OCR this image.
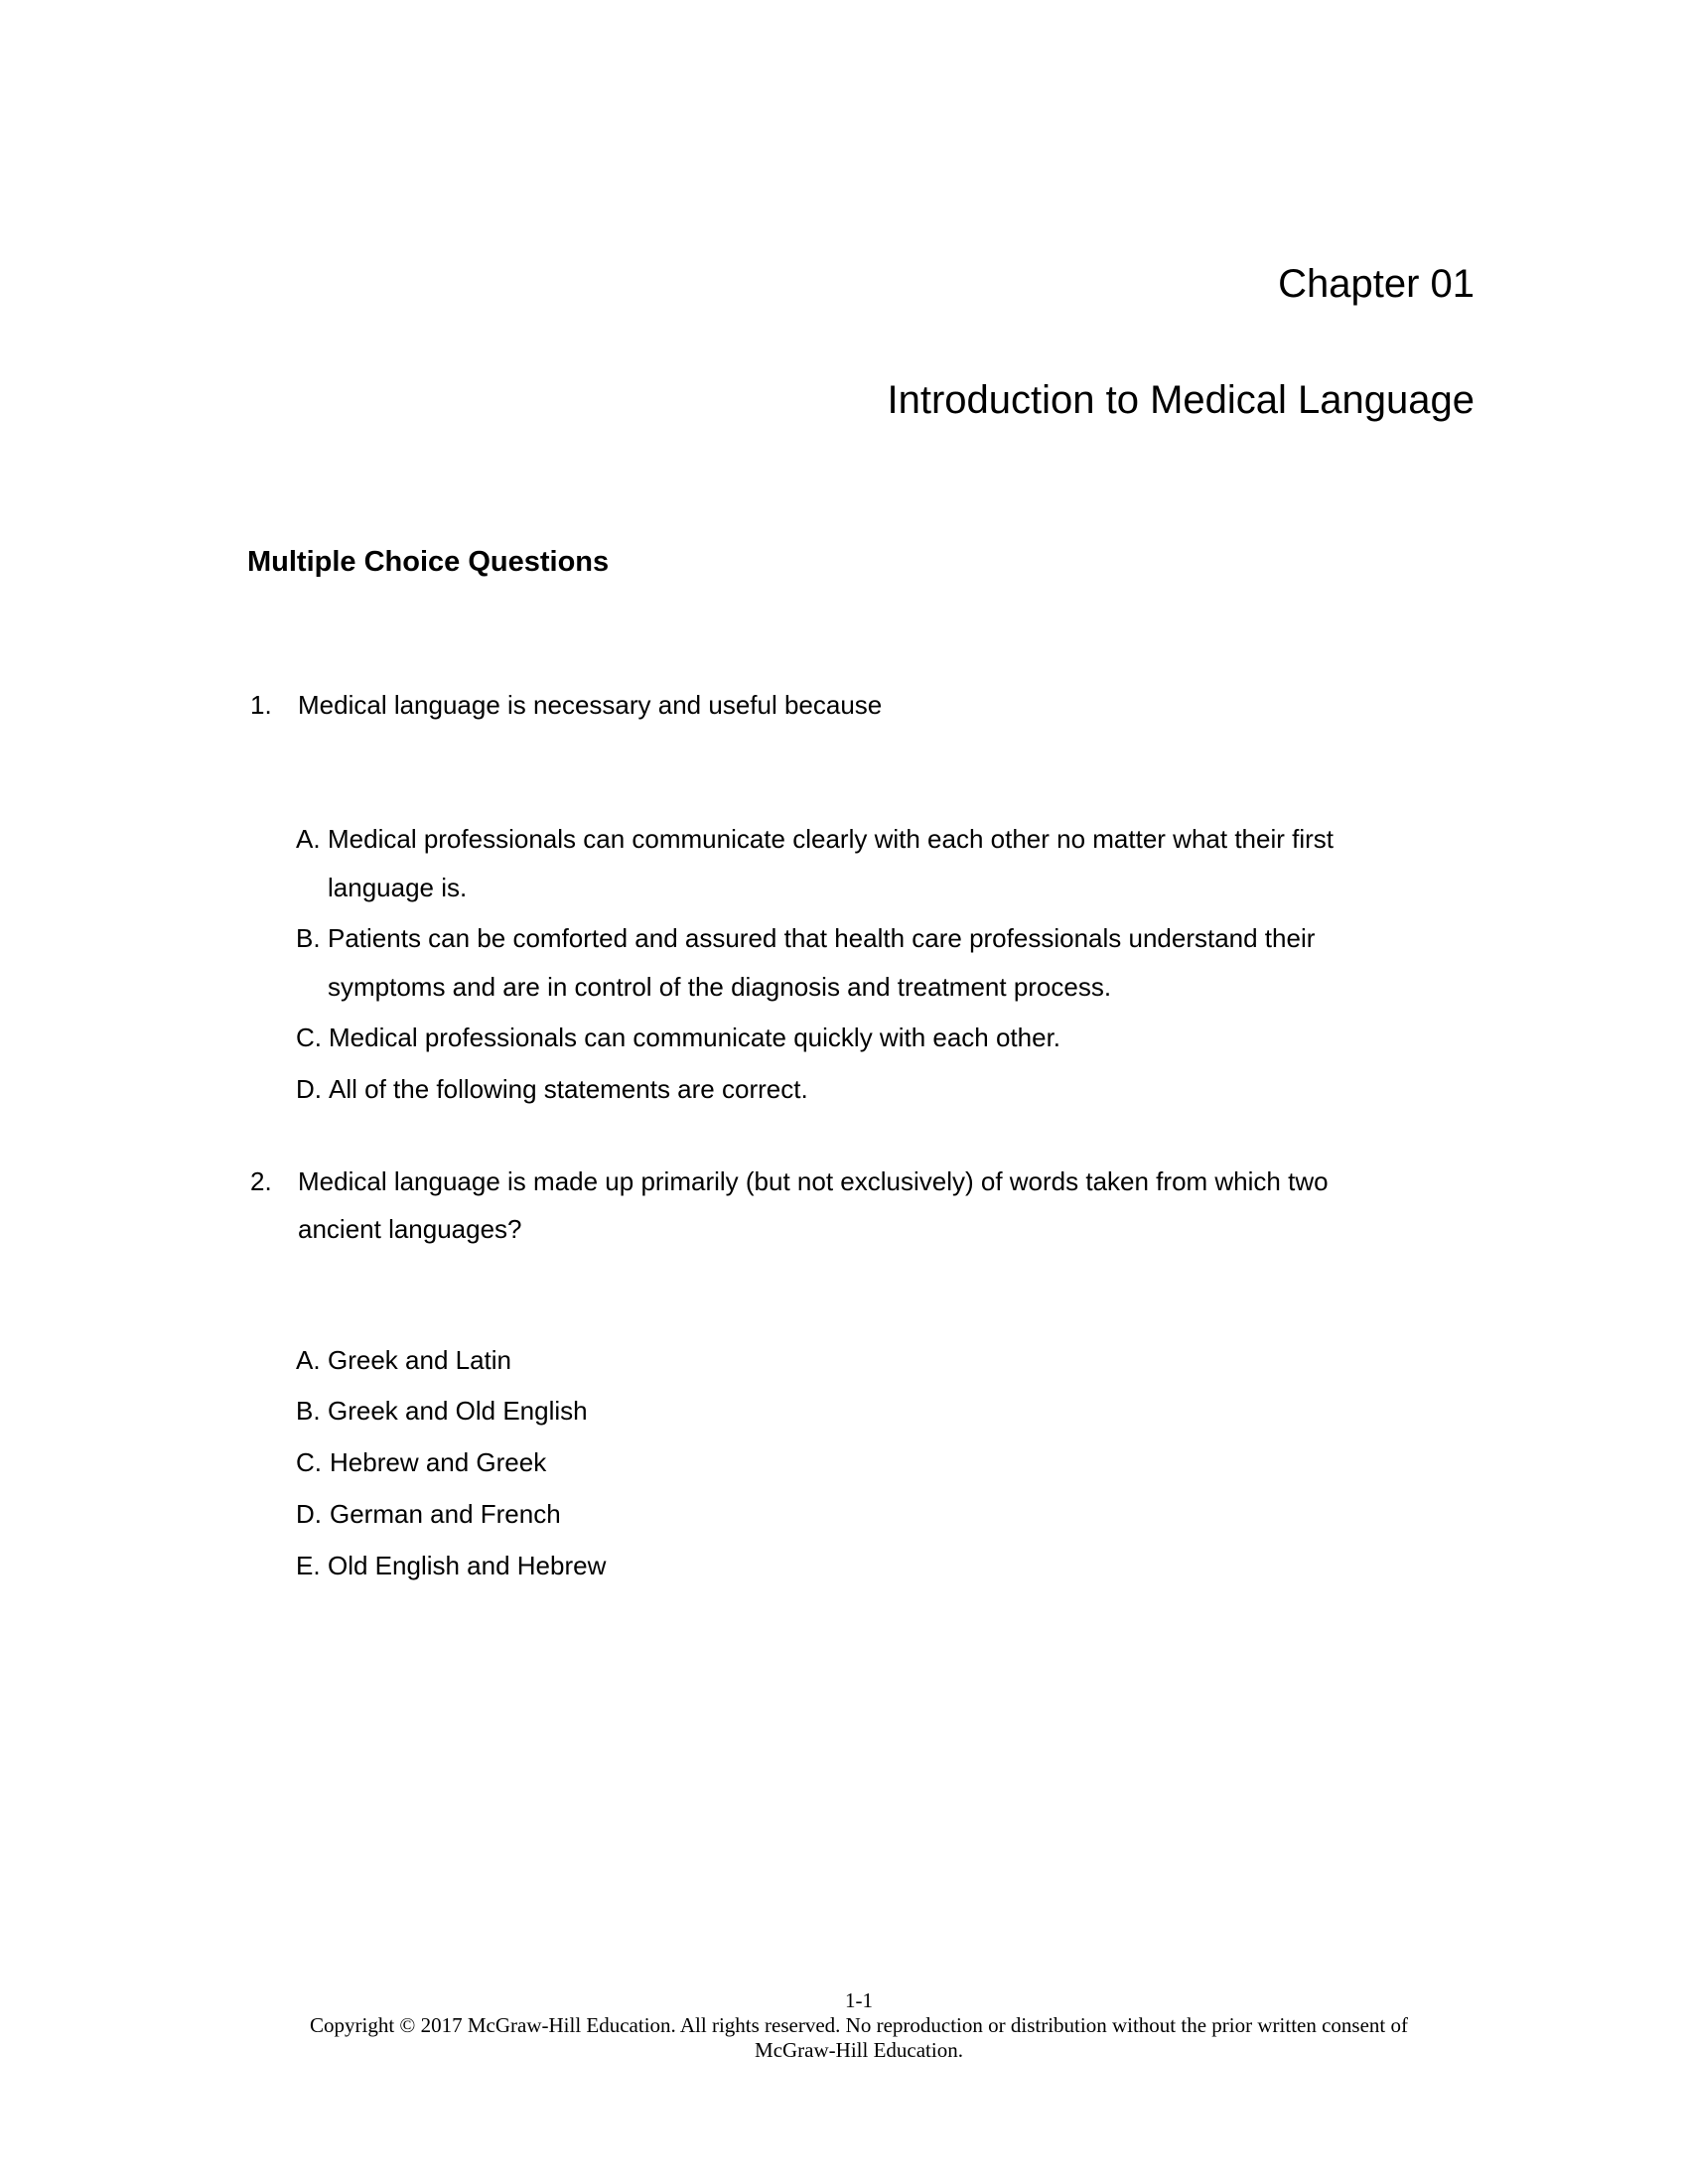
Chapter 01
Introduction to Medical Language
Multiple Choice Questions
1. Medical language is necessary and useful because
A. Medical professionals can communicate clearly with each other no matter what their first
language is.
B. Patients can be comforted and assured that health care professionals understand their
symptoms and are in control of the diagnosis and treatment process.
C. Medical professionals can communicate quickly with each other.
D. All of the following statements are correct.
2. Medical language is made up primarily (but not exclusively) of words taken from which two
ancient languages?
A. Greek and Latin
B. Greek and Old English
C. Hebrew and Greek
D. German and French
E. Old English and Hebrew
1-1
Copyright © 2017 McGraw-Hill Education. All rights reserved. No reproduction or distribution without the prior written consent of
McGraw-Hill Education.
